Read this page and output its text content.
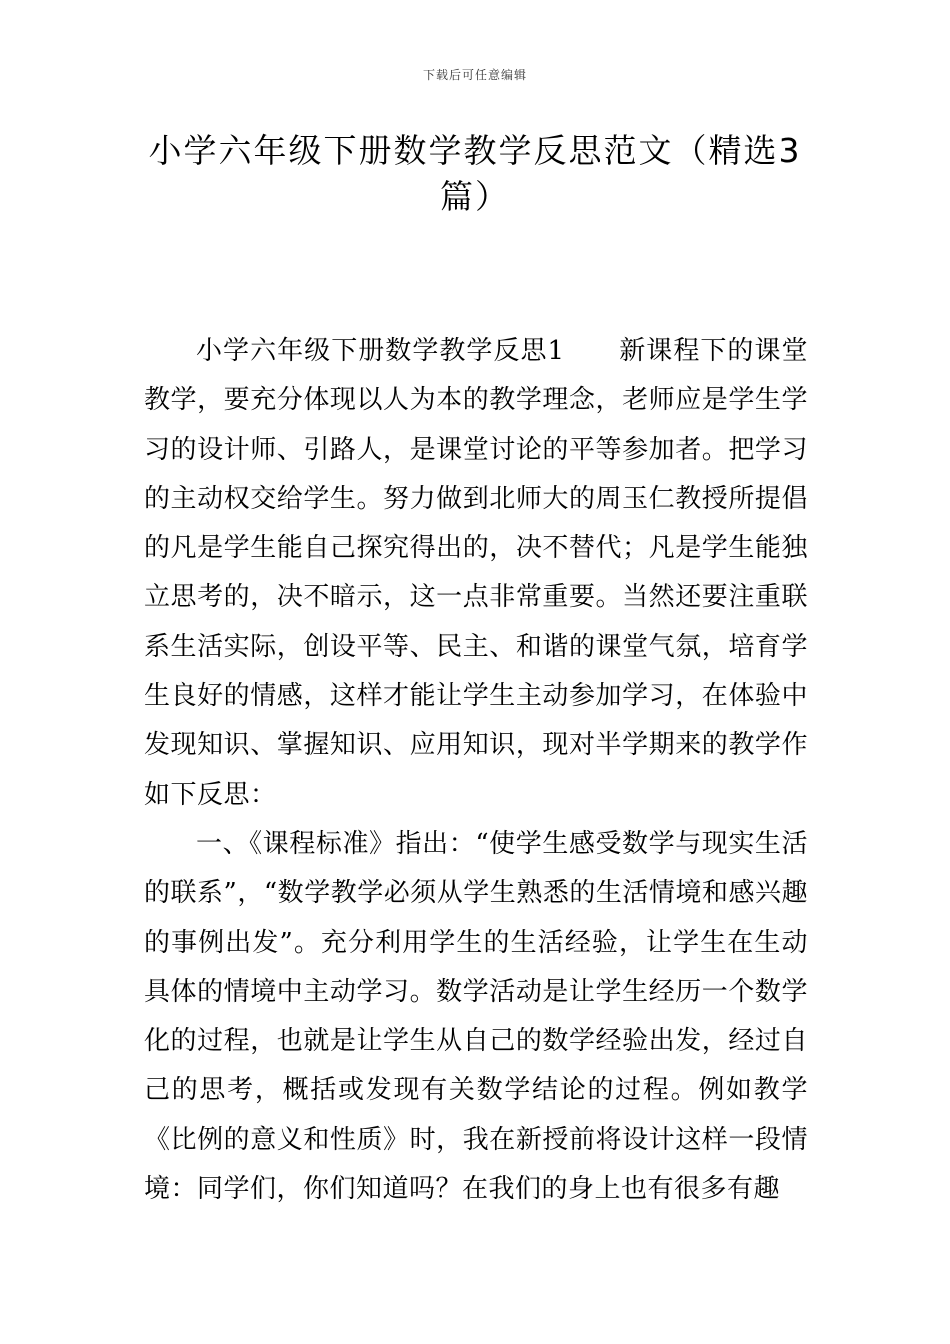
下载后可任意编辑
小学六年级下册数学教学反思范文（精选3篇）

小学六年级下册数学教学反思1　　新课程下的课堂教学，要充分体现以人为本的教学理念，老师应是学生学习的设计师、引路人，是课堂讨论的平等参加者。把学习的主动权交给学生。努力做到北师大的周玉仁教授所提倡的凡是学生能自己探究得出的，决不替代；凡是学生能独立思考的，决不暗示，这一点非常重要。当然还要注重联系生活实际，创设平等、民主、和谐的课堂气氛，培育学生良好的情感，这样才能让学生主动参加学习，在体验中发现知识、掌握知识、应用知识，现对半学期来的教学作如下反思：

一、《课程标准》指出：“使学生感受数学与现实生活的联系”，“数学教学必须从学生熟悉的生活情境和感兴趣的事例出发”。充分利用学生的生活经验，让学生在生动具体的情境中主动学习。数学活动是让学生经历一个数学化的过程，也就是让学生从自己的数学经验出发，经过自己的思考，概括或发现有关数学结论的过程。例如教学《比例的意义和性质》时，我在新授前将设计这样一段情境：同学们，你们知道吗？在我们的身上也有很多有趣
